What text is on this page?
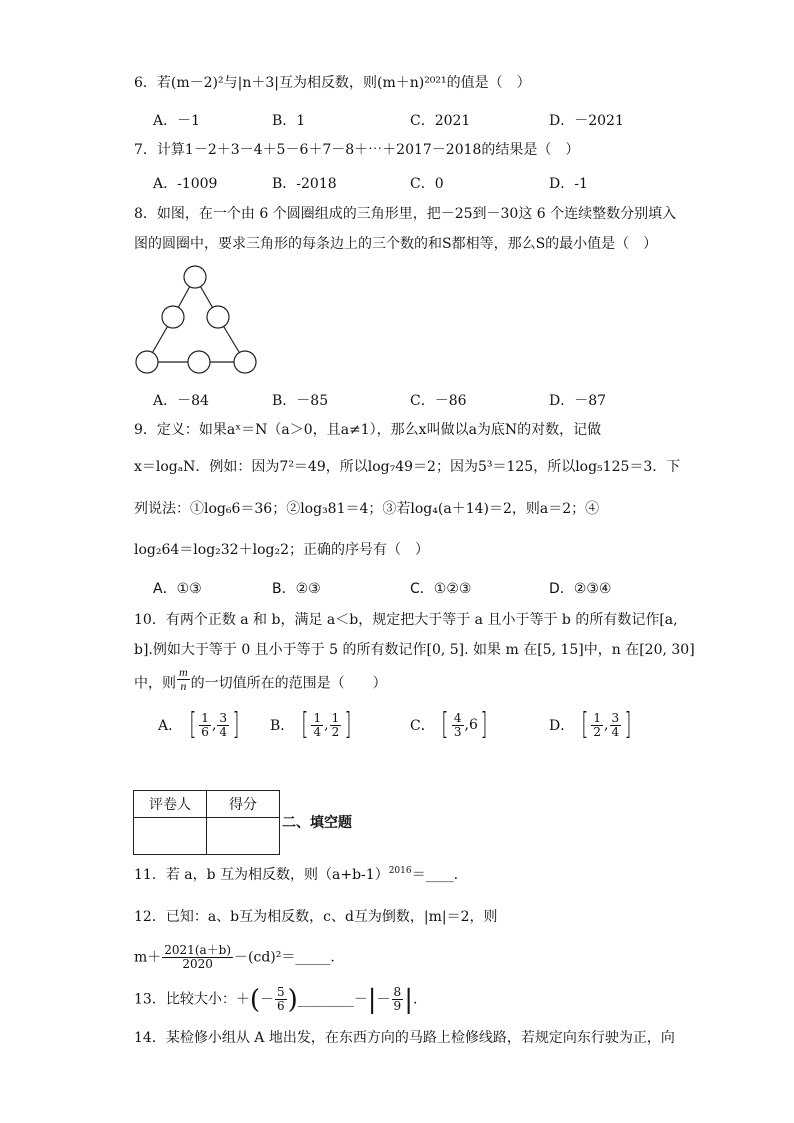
6．若(m－2)²与|n＋3|互为相反数，则(m＋n)²⁰²¹的值是（　）
A．－1	B．1	C．2021	D．－2021
7．计算1－2＋3－4＋5－6＋7－8＋⋯＋2017－2018的结果是（　）
A．-1009	B．-2018	C．0	D．-1
8．如图，在一个由 6 个圆圈组成的三角形里，把－25到－30这 6 个连续整数分别填入
图的圆圈中，要求三角形的每条边上的三个数的和S都相等，那么S的最小值是（　）
A．－84	B．－85	C．－86	D．－87
9．定义：如果aˣ＝N（a＞0，且a≠1），那么x叫做以a为底N的对数，记做
x＝logₐN．例如：因为7²＝49，所以log₇49＝2；因为5³＝125，所以log₅125＝3．下
列说法：①log₆6＝36；②log₃81＝4；③若log₄(a＋14)＝2，则a＝2；④
log₂64＝log₂32＋log₂2；正确的序号有（　）
A．①③	B．②③	C．①②③	D．②③④
10．有两个正数 a 和 b，满足 a＜b，规定把大于等于 a 且小于等于 b 的所有数记作[a,
b].例如大于等于 0 且小于等于 5 的所有数记作[0, 5]. 如果 m 在[5, 15]中，n 在[20, 30]
中，则 $\frac{m}{n}$ 的一切值所在的范围是（　　）
A． [ $\frac{1}{6}$ , $\frac{3}{4}$ ] B． [ $\frac{1}{4}$ , $\frac{1}{2}$ ]	C． [ $\frac{4}{3}$ , 6 ]	D． [ $\frac{1}{2}$ , $\frac{3}{4}$ ]
评卷人	得分

二、填空题
11．若 a，b 互为相反数，则$(a+b-1)^{2016}=\_\_\_\_$.
12．已知：a、b互为相反数，c、d互为倒数，|m|＝2，则
$m+ \frac{2021(a+b)}{2020}$ －(cd)²＝_____.
13．比较大小：＋ ( － $\frac{5}{6}$ ) ________－ | － $\frac{8}{9}$ | .
14．某检修小组从 A 地出发，在东西方向的马路上检修线路，若规定向东行驶为正，向
